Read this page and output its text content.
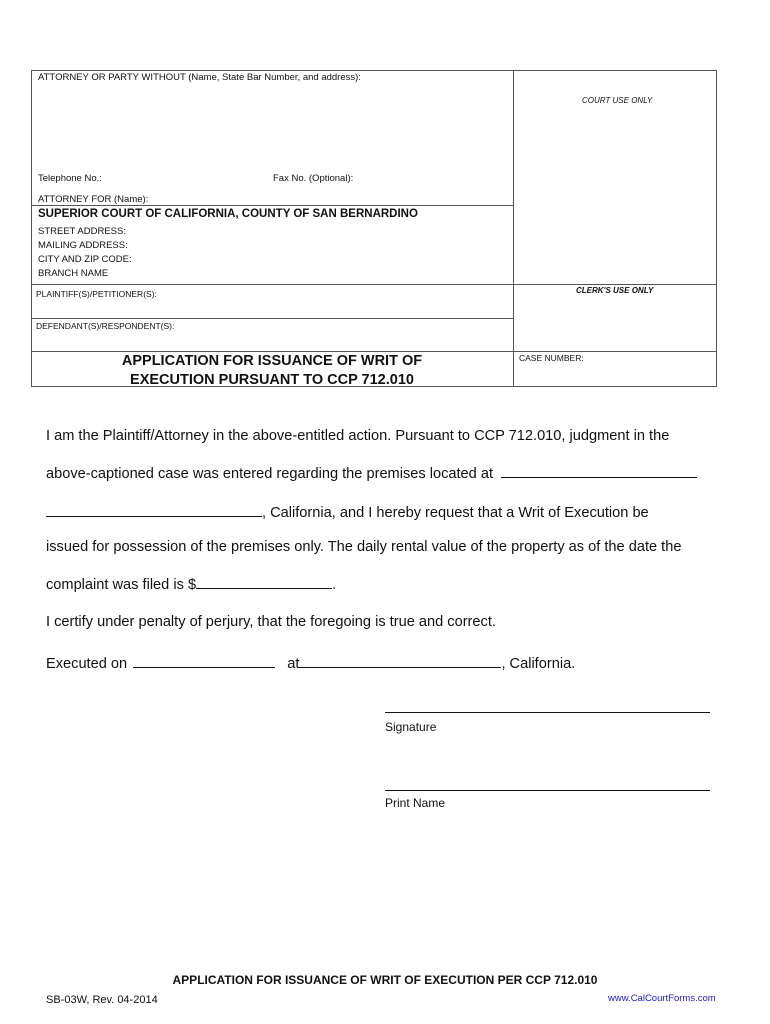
ATTORNEY OR PARTY WITHOUT (Name, State Bar Number, and address):
COURT USE ONLY
Telephone No.:	Fax No. (Optional):
ATTORNEY FOR (Name):
SUPERIOR COURT OF CALIFORNIA, COUNTY OF SAN BERNARDINO
STREET ADDRESS:
MAILING ADDRESS:
CITY AND ZIP CODE:
BRANCH NAME
PLAINTIFF(S)/PETITIONER(S):	CLERK'S USE ONLY
DEFENDANT(S)/RESPONDENT(S):
APPLICATION FOR ISSUANCE OF WRIT OF
EXECUTION PURSUANT TO CCP 712.010
CASE NUMBER:
I am the Plaintiff/Attorney in the above-entitled action. Pursuant to CCP 712.010, judgment in the
above-captioned case was entered regarding the premises located at
, California, and I hereby request that a Writ of Execution be
issued for possession of the premises only. The daily rental value of the property as of the date the
complaint was filed is $	.
I certify under penalty of perjury, that the foregoing is true and correct.
Executed on	at	, California.
Signature
Print Name
APPLICATION FOR ISSUANCE OF WRIT OF EXECUTION PER CCP 712.010
SB-03W, Rev. 04-2014	www.CalCourtForms.com
